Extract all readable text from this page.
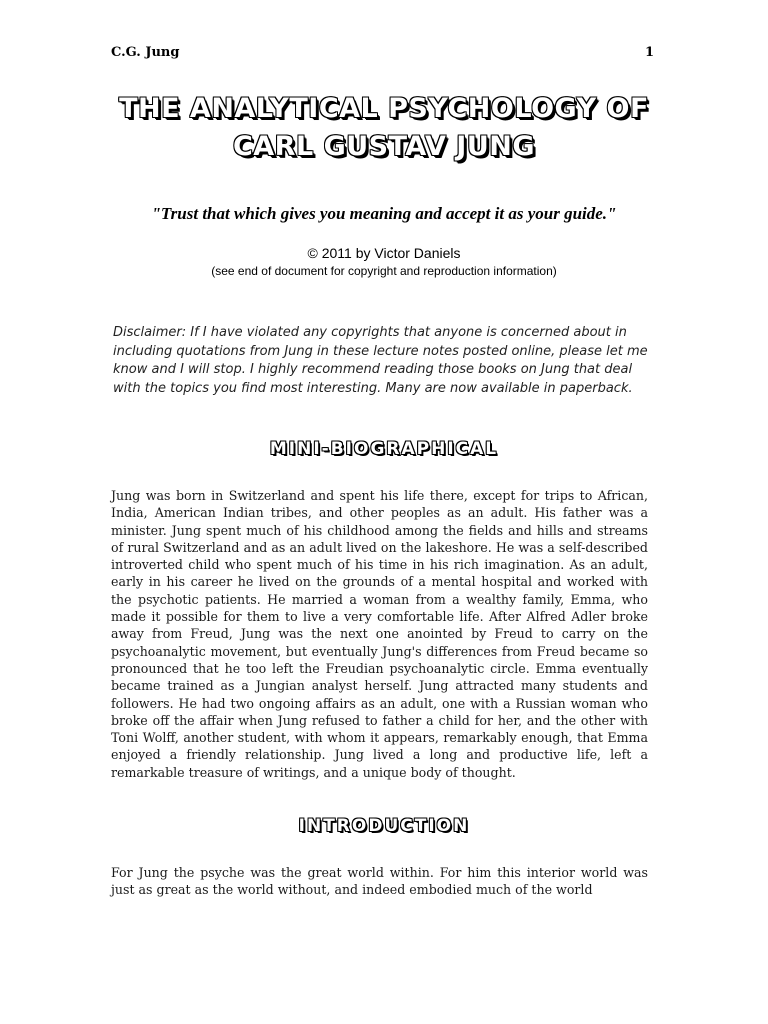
C.G. Jung	1
THE ANALYTICAL PSYCHOLOGY OF
CARL GUSTAV JUNG
"Trust that which gives you meaning and accept it as your guide."
© 2011 by Victor Daniels
(see end of document for copyright and reproduction information)
Disclaimer: If I have violated any copyrights that anyone is concerned about in including quotations from Jung in these lecture notes posted online, please let me know and I will stop. I highly recommend reading those books on Jung that deal with the topics you find most interesting. Many are now available in paperback.
MINI-BIOGRAPHICAL
Jung was born in Switzerland and spent his life there, except for trips to African, India, American Indian tribes, and other peoples as an adult. His father was a minister. Jung spent much of his childhood among the fields and hills and streams of rural Switzerland and as an adult lived on the lakeshore. He was a self-described introverted child who spent much of his time in his rich imagination. As an adult, early in his career he lived on the grounds of a mental hospital and worked with the psychotic patients. He married a woman from a wealthy family, Emma, who made it possible for them to live a very comfortable life. After Alfred Adler broke away from Freud, Jung was the next one anointed by Freud to carry on the psychoanalytic movement, but eventually Jung's differences from Freud became so pronounced that he too left the Freudian psychoanalytic circle. Emma eventually became trained as a Jungian analyst herself. Jung attracted many students and followers. He had two ongoing affairs as an adult, one with a Russian woman who broke off the affair when Jung refused to father a child for her, and the other with Toni Wolff, another student, with whom it appears, remarkably enough, that Emma enjoyed a friendly relationship. Jung lived a long and productive life, left a remarkable treasure of writings, and a unique body of thought.
INTRODUCTION
For Jung the psyche was the great world within. For him this interior world was just as great as the world without, and indeed embodied much of the world
